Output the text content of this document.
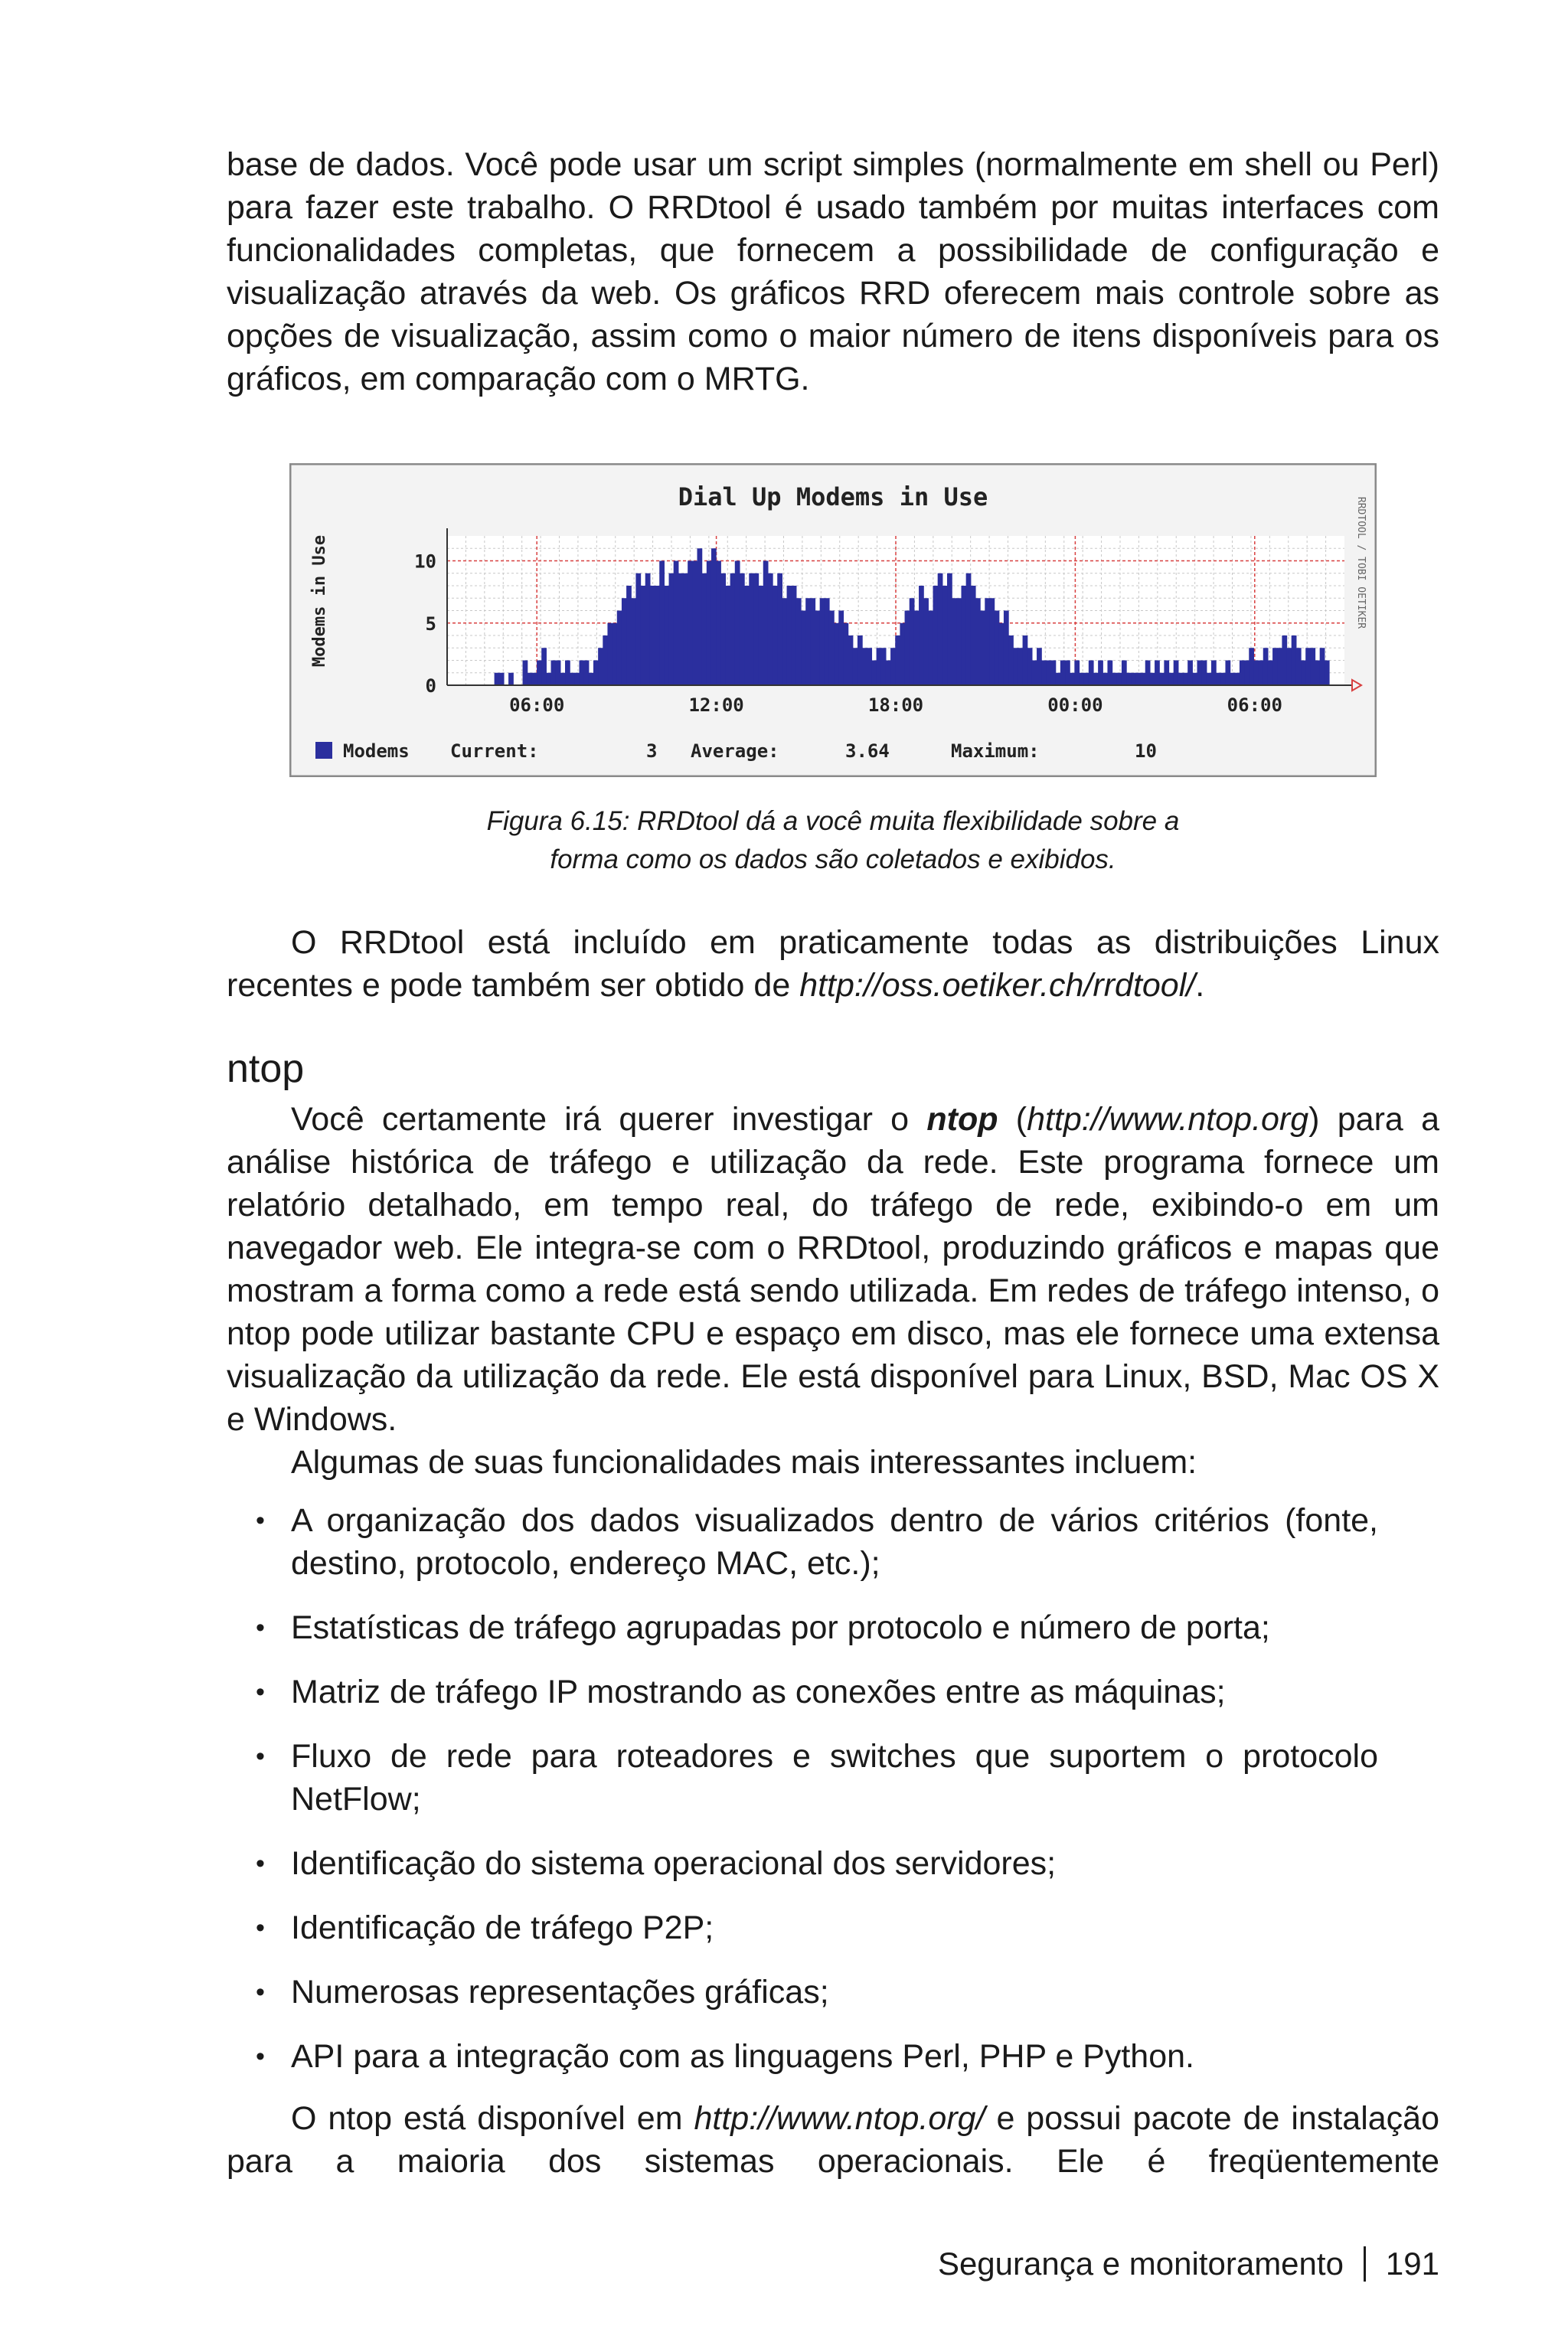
base de dados. Você pode usar um script simples (normalmente em shell ou Perl) para fazer este trabalho. O RRDtool é usado também por muitas interfaces com funcionalidades completas, que fornecem a possibilidade de configuração e visualização através da web. Os gráficos RRD oferecem mais controle sobre as opções de visualização, assim como o maior número de itens disponíveis para os gráficos, em comparação com o MRTG.

Dial Up Modems in Use
Modems in Use	RRDTOOL / TOBI OETIKER
06:00	12:00	18:00	00:00	06:00
0
5
10
Modems Current:	3 Average:	3.64	Maximum:	10
Figura 6.15: RRDtool dá a você muita flexibilidade sobre a
forma como os dados são coletados e exibidos.

O RRDtool está incluído em praticamente todas as distribuições Linux recentes e pode também ser obtido de http://oss.oetiker.ch/rrdtool/.

ntop

Você certamente irá querer investigar o ntop (http://www.ntop.org) para a análise histórica de tráfego e utilização da rede. Este programa fornece um relatório detalhado, em tempo real, do tráfego de rede, exibindo-o em um navegador web. Ele integra-se com o RRDtool, produzindo gráficos e mapas que mostram a forma como a rede está sendo utilizada. Em redes de tráfego intenso, o ntop pode utilizar bastante CPU e espaço em disco, mas ele fornece uma extensa visualização da utilização da rede. Ele está disponível para Linux, BSD, Mac OS X e Windows.

Algumas de suas funcionalidades mais interessantes incluem:

• A organização dos dados visualizados dentro de vários critérios (fonte, destino, protocolo, endereço MAC, etc.);
• Estatísticas de tráfego agrupadas por protocolo e número de porta;
• Matriz de tráfego IP mostrando as conexões entre as máquinas;
• Fluxo de rede para roteadores e switches que suportem o protocolo NetFlow;
• Identificação do sistema operacional dos servidores;
• Identificação de tráfego P2P;
• Numerosas representações gráficas;
• API para a integração com as linguagens Perl, PHP e Python.

O ntop está disponível em http://www.ntop.org/ e possui pacote de instalação para a maioria dos sistemas operacionais. Ele é freqüentemente

Segurança e monitoramento 191
